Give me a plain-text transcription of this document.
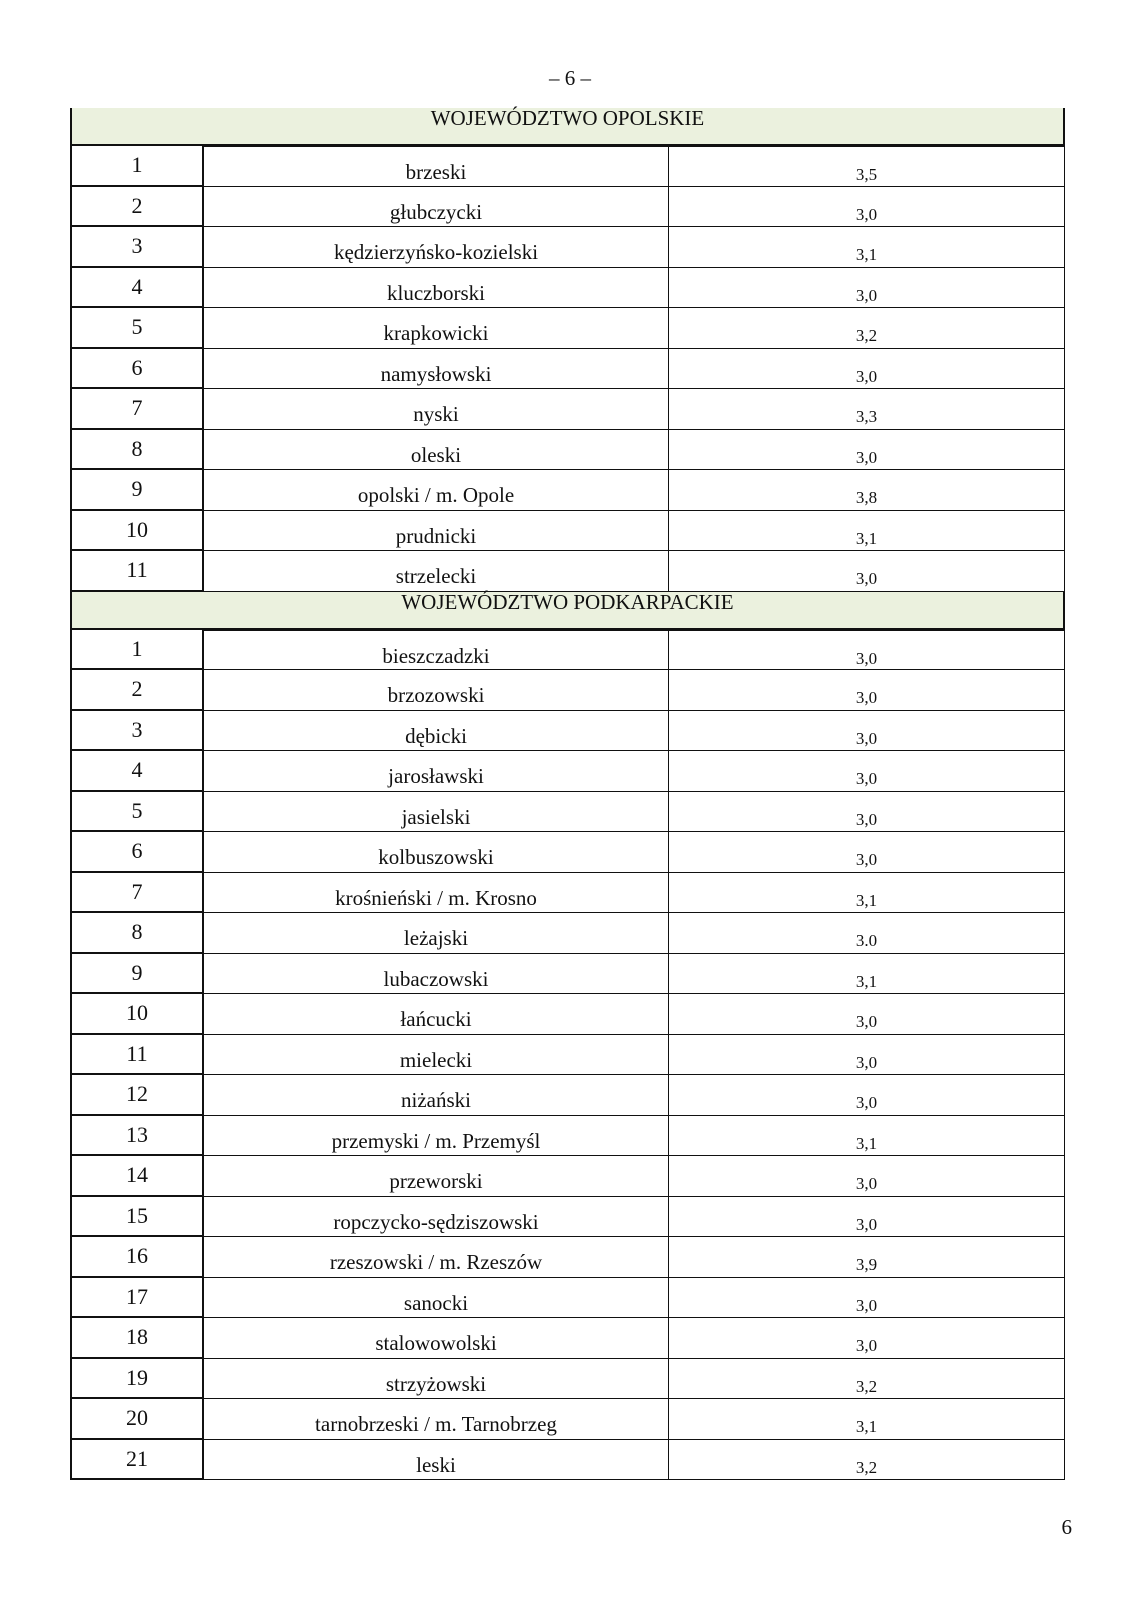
– 6 –
WOJEWÓDZTWO OPOLSKIE
1	brzeski	3,5
2	głubczycki	3,0
3	kędzierzyńsko-kozielski	3,1
4	kluczborski	3,0
5	krapkowicki	3,2
6	namysłowski	3,0
7	nyski	3,3
8	oleski	3,0
9	opolski / m. Opole	3,8
10	prudnicki	3,1
11	strzelecki	3,0
WOJEWÓDZTWO PODKARPACKIE
1	bieszczadzki	3,0
2	brzozowski	3,0
3	dębicki	3,0
4	jarosławski	3,0
5	jasielski	3,0
6	kolbuszowski	3,0
7	krośnieński / m. Krosno	3,1
8	leżajski	3.0
9	lubaczowski	3,1
10	łańcucki	3,0
11	mielecki	3,0
12	niżański	3,0
13	przemyski / m. Przemyśl	3,1
14	przeworski	3,0
15	ropczycko-sędziszowski	3,0
16	rzeszowski / m. Rzeszów	3,9
17	sanocki	3,0
18	stalowowolski	3,0
19	strzyżowski	3,2
20	tarnobrzeski / m. Tarnobrzeg	3,1
21	leski	3,2
6
